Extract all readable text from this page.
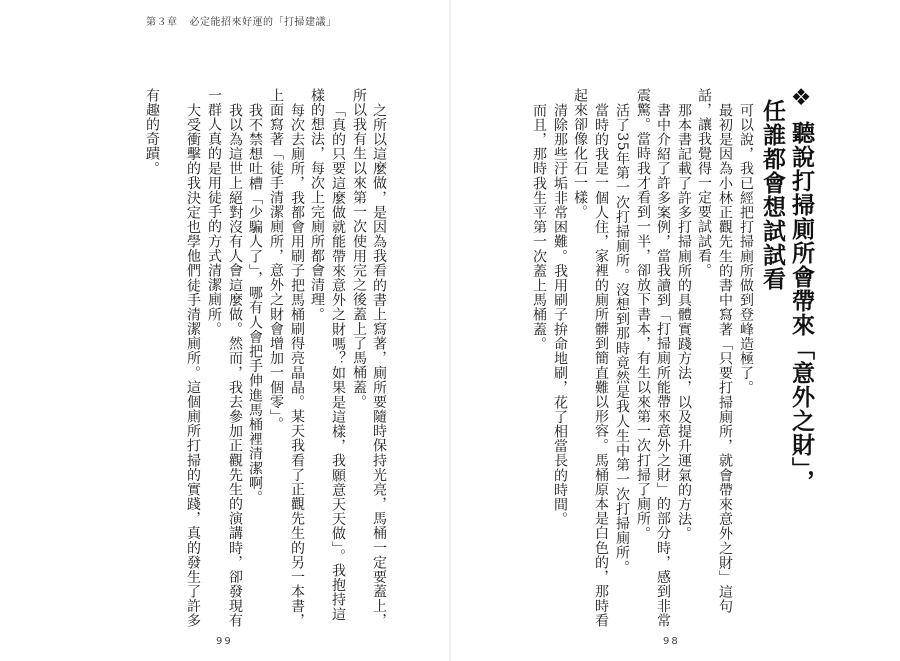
第３章 必定能招來好運的「打掃建議」
❖ 聽說打掃廁所會帶來「意外之財」，
任誰都會想試試看
可以說，我已經把打掃廁所做到登峰造極了。
最初是因為小林正觀先生的書中寫著「只要打掃廁所，就會帶來意外之財」這句
話，讓我覺得一定要試試看。
那本書記載了許多打掃廁所的具體實踐方法，以及提升運氣的方法。
書中介紹了許多案例，當我讀到「打掃廁所能帶來意外之財」的部分時，感到非常
震驚。當時我才看到一半，卻放下書本，有生以來第一次打掃了廁所。
活了35年第一次打掃廁所。沒想到那時竟然是我人生中第一次打掃廁所。
當時的我是一個人住，家裡的廁所髒到簡直難以形容。馬桶原本是白色的，那時看
起來卻像化石一樣。
清除那些汙垢非常困難。我用刷子拚命地刷，花了相當長的時間。
而且，那時我生平第一次蓋上馬桶蓋。
98
之所以這麼做，是因為我看的書上寫著，廁所要隨時保持光亮，馬桶一定要蓋上，
所以我有生以來第一次使用完之後蓋上了馬桶蓋。
「真的只要這麼做就能帶來意外之財嗎？如果是這樣，我願意天天做」。我抱持這
樣的想法，每次上完廁所都會清理。
每次去廁所，我都會用刷子把馬桶刷得亮晶晶。某天我看了正觀先生的另一本書，
上面寫著「徒手清潔廁所，意外之財會增加一個零」。
我不禁想吐槽「少騙人了」，哪有人會把手伸進馬桶裡清潔啊。
我以為這世上絕對沒有人會這麼做。然而，我去參加正觀先生的演講時，卻發現有
一群人真的是用徒手的方式清潔廁所。
大受衝擊的我決定也學他們徒手清潔廁所。這個廁所打掃的實踐，真的發生了許多
有趣的奇蹟。
99
